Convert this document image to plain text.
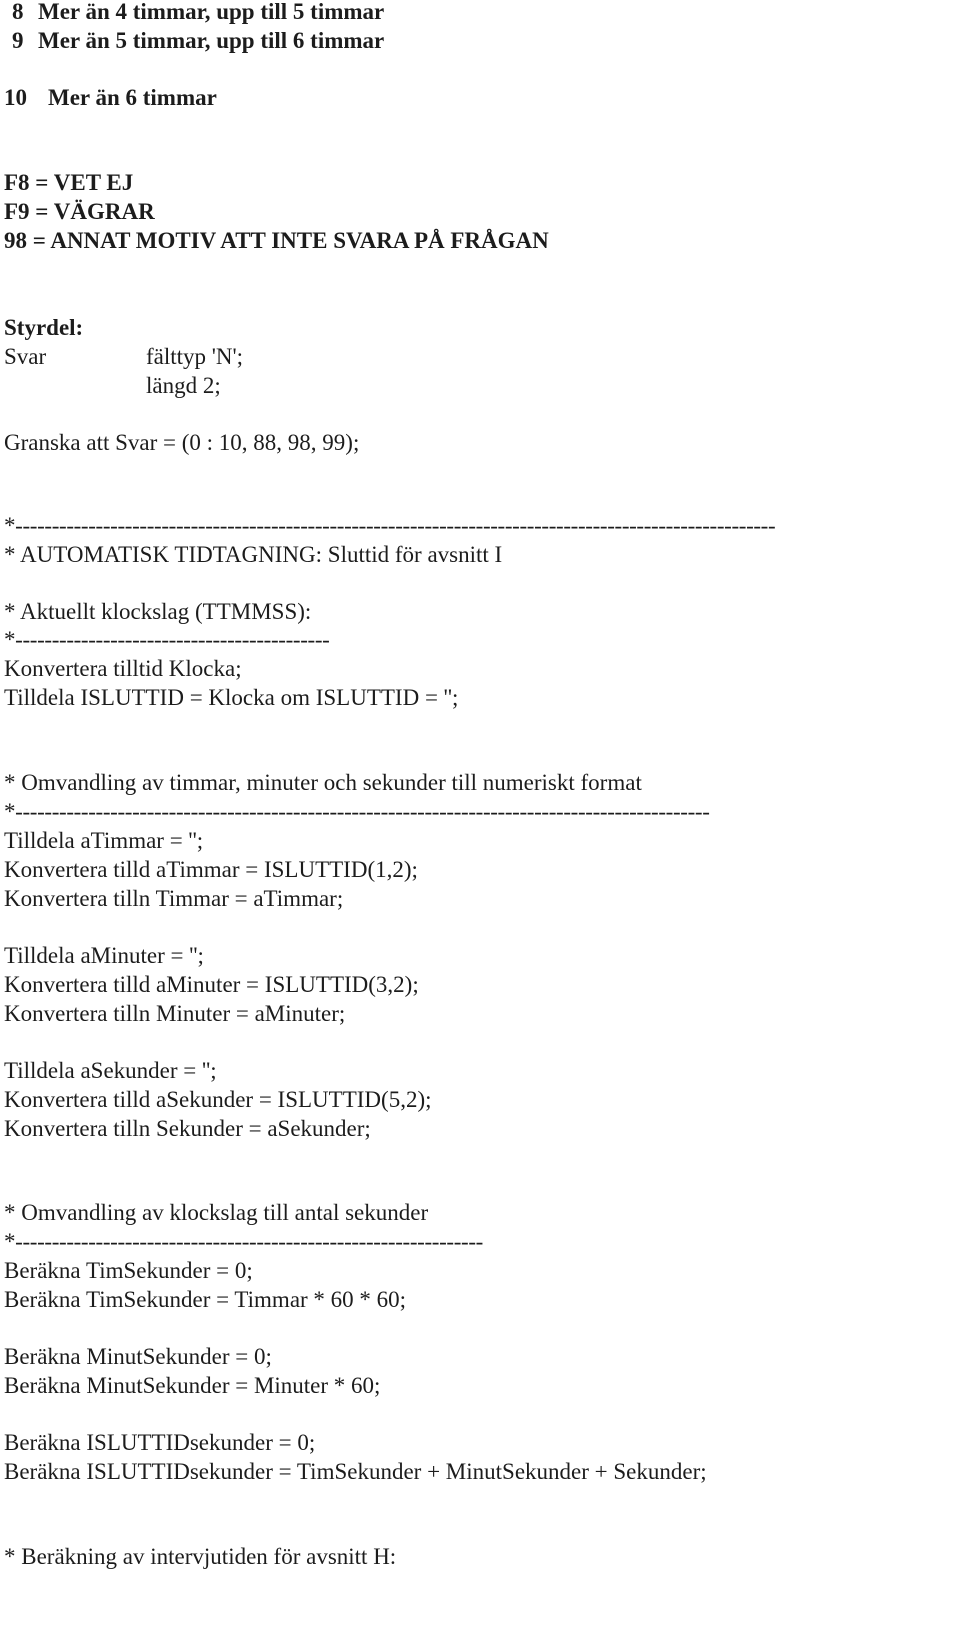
8 Mer än 4 timmar, upp till 5 timmar
9 Mer än 5 timmar, upp till 6 timmar
10 Mer än 6 timmar
F8 = VET EJ
F9 = VÄGRAR
98 = ANNAT MOTIV ATT INTE SVARA PÅ FRÅGAN
Styrdel:
Svar	fälttyp 'N';
längd 2;
Granska att Svar = (0 : 10, 88, 98, 99);
*--------------------------------------------------------------------------------------------------------
* AUTOMATISK TIDTAGNING: Sluttid för avsnitt I
* Aktuellt klockslag (TTMMSS):
*-------------------------------------------
Konvertera tilltid Klocka;
Tilldela ISLUTTID = Klocka om ISLUTTID = '';
* Omvandling av timmar, minuter och sekunder till numeriskt format
*-----------------------------------------------------------------------------------------------
Tilldela aTimmar = '';
Konvertera tilld aTimmar = ISLUTTID(1,2);
Konvertera tilln Timmar = aTimmar;
Tilldela aMinuter = '';
Konvertera tilld aMinuter = ISLUTTID(3,2);
Konvertera tilln Minuter = aMinuter;
Tilldela aSekunder = '';
Konvertera tilld aSekunder = ISLUTTID(5,2);
Konvertera tilln Sekunder = aSekunder;
* Omvandling av klockslag till antal sekunder
*----------------------------------------------------------------
Beräkna TimSekunder = 0;
Beräkna TimSekunder = Timmar * 60 * 60;
Beräkna MinutSekunder = 0;
Beräkna MinutSekunder = Minuter * 60;
Beräkna ISLUTTIDsekunder = 0;
Beräkna ISLUTTIDsekunder = TimSekunder + MinutSekunder + Sekunder;
* Beräkning av intervjutiden för avsnitt H:
